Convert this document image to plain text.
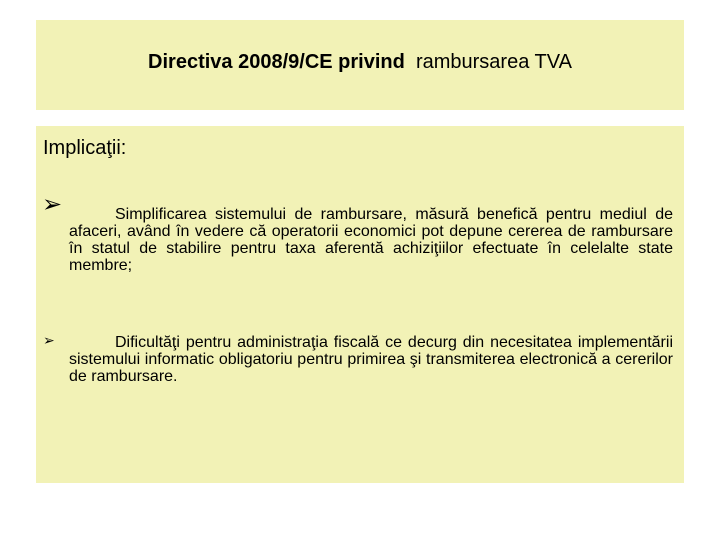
Directiva 2008/9/CE privind  rambursarea TVA
Implicaţii:
➢	Simplificarea sistemului de rambursare, măsură benefică pentru mediul de afaceri, având în vedere că operatorii economici pot depune cererea de rambursare în statul de stabilire pentru taxa aferentă achiziţiilor efectuate în celelalte state membre;
➢	Dificultăţi pentru administraţia fiscală ce decurg din necesitatea implementării sistemului informatic obligatoriu pentru primirea şi transmiterea electronică a cererilor de rambursare.
